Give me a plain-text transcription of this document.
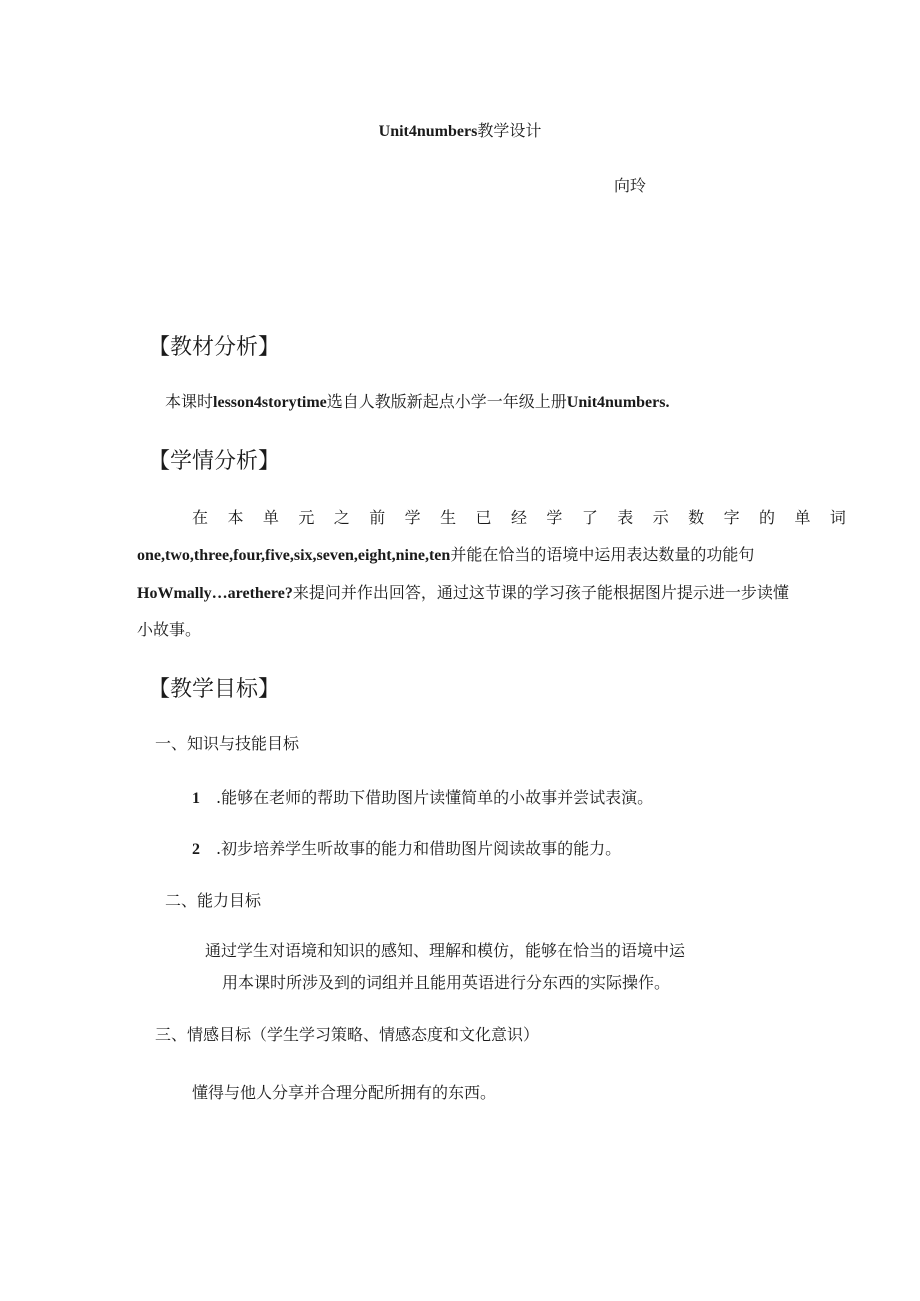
Unit4numbers教学设计
向玲
【教材分析】
本课时lesson4storytime选自人教版新起点小学一年级上册Unit4numbers.
【学情分析】
在 本 单 元 之 前 学 生 已 经 学 了 表 示 数 字 的 单 词
one,two,three,four,five,six,seven,eight,nine,ten并能在恰当的语境中运用表达数量的功能句
HoWmally…arethere?来提问并作出回答，通过这节课的学习孩子能根据图片提示进一步读懂
小故事。
【教学目标】
一、知识与技能目标
1 .能够在老师的帮助下借助图片读懂简单的小故事并尝试表演。
2 .初步培养学生听故事的能力和借助图片阅读故事的能力。
二、能力目标
通过学生对语境和知识的感知、理解和模仿，能够在恰当的语境中运
用本课时所涉及到的词组并且能用英语进行分东西的实际操作。
三、情感目标（学生学习策略、情感态度和文化意识）
懂得与他人分享并合理分配所拥有的东西。
